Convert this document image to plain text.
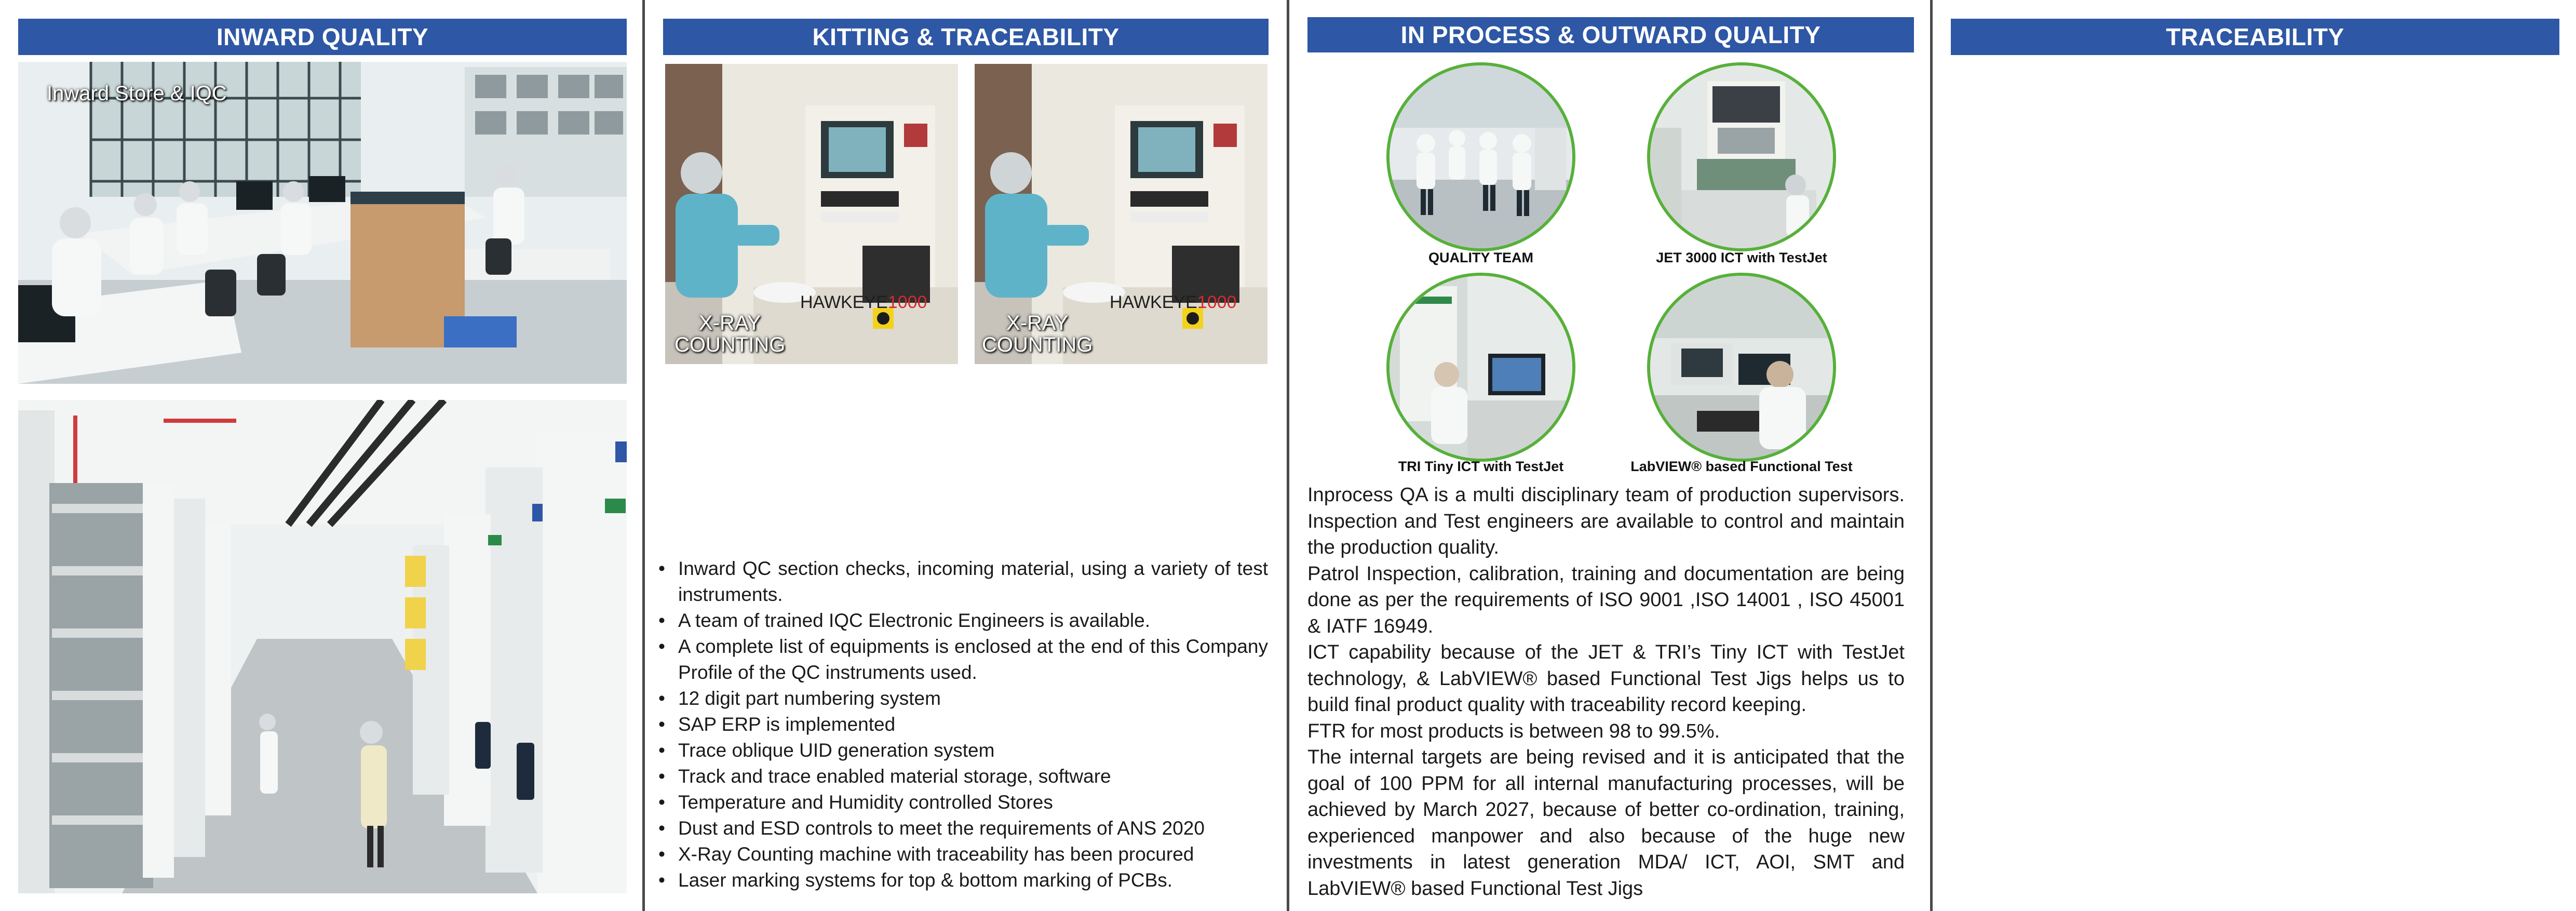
INWARD QUALITY
Inward Store & IQC
KITTING & TRACEABILITY
HAWKEYE1000
X-RAY
COUNTING
HAWKEYE1000
X-RAY
COUNTING
• Inward QC section checks, incoming material, using a variety of test instruments.
• A team of trained IQC Electronic Engineers is available.
• A complete list of equipments is enclosed at the end of this Company Profile of the QC instruments used.
• 12 digit part numbering system
• SAP ERP is implemented
• Trace oblique UID generation system
• Track and trace enabled material storage, software
• Temperature and Humidity controlled Stores
• Dust and ESD controls to meet the requirements of ANS 2020
• X-Ray Counting machine with traceability has been procured
• Laser marking systems for top & bottom marking of PCBs.
IN PROCESS & OUTWARD QUALITY
QUALITY TEAM	JET 3000 ICT with TestJet
TRI Tiny ICT with TestJet	LabVIEW® based Functional Test

Inprocess QA is a multi disciplinary team of production supervisors. Inspection and Test engineers are available to control and maintain the production quality.

Patrol Inspection, calibration, training and documentation are being done as per the requirements of ISO 9001 ,ISO 14001 , ISO 45001 & IATF 16949.

ICT capability because of the JET & TRI’s Tiny ICT with TestJet technology, & LabVIEW® based Functional Test Jigs helps us to build final product quality with traceability record keeping.

FTR for most products is between 98 to 99.5%.

The internal targets are being revised and it is anticipated that the goal of 100 PPM for all internal manufacturing processes, will be achieved by March 2027, because of better co-ordination, training, experienced manpower and also because of the huge new investments in latest generation MDA/ ICT, AOI, SMT and LabVIEW® based Functional Test Jigs

TRACEABILITY
